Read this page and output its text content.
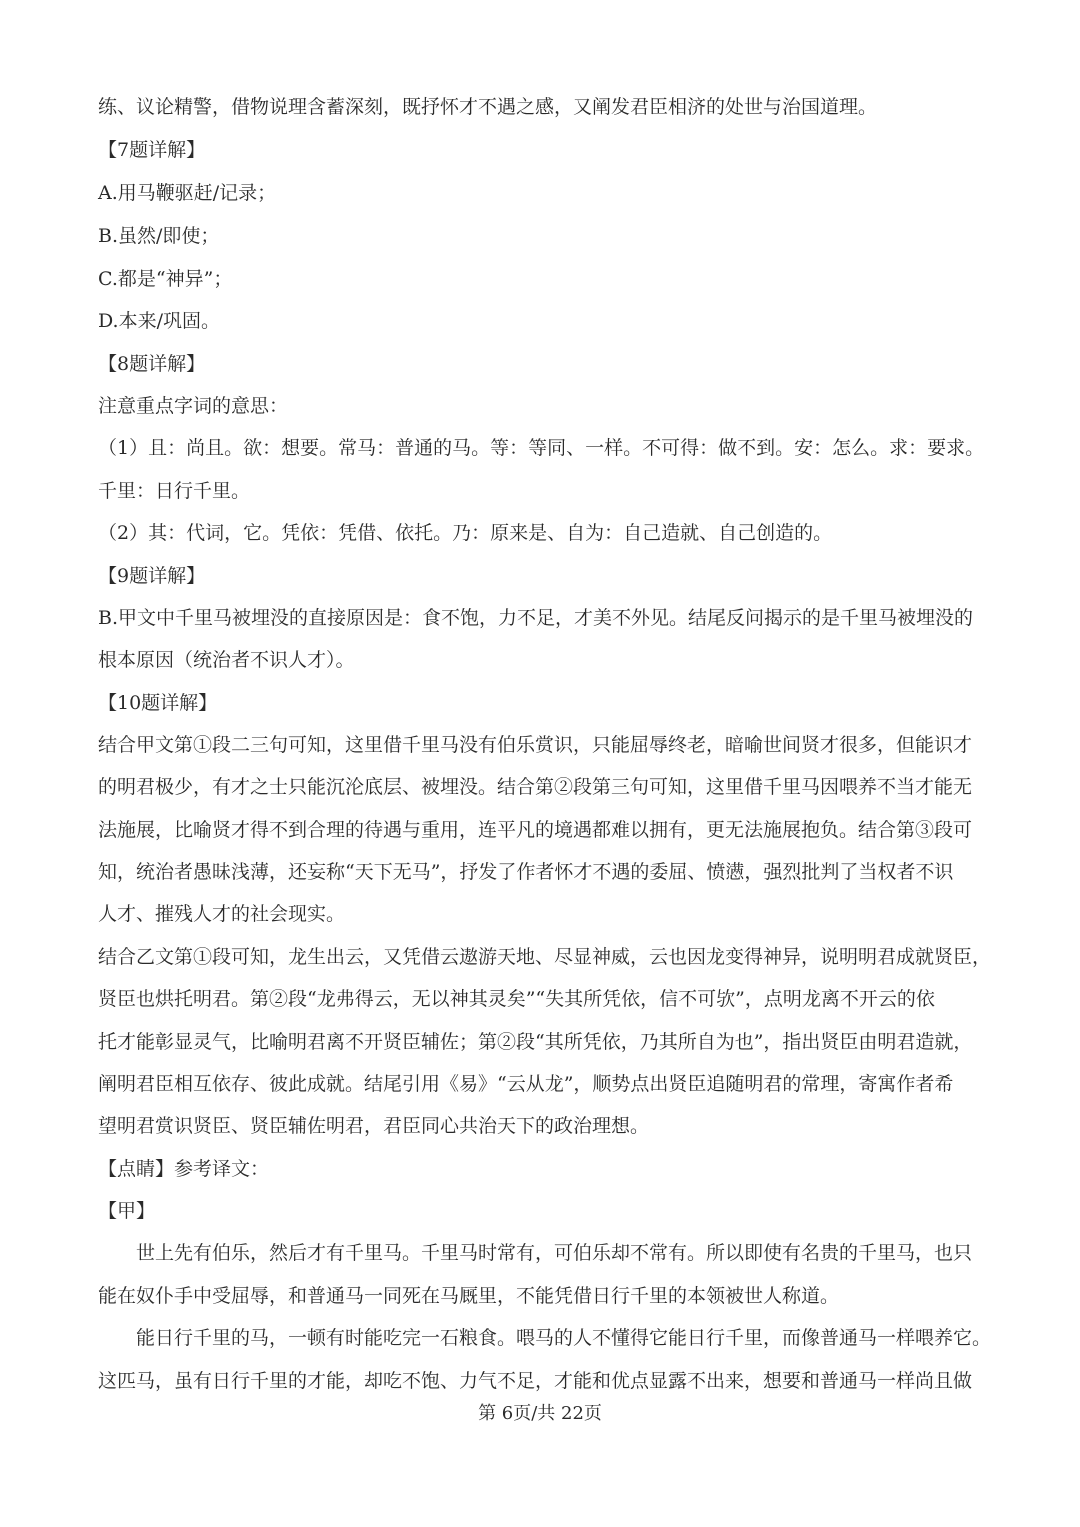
练、议论精警，借物说理含蓄深刻，既抒怀才不遇之感，又阐发君臣相济的处世与治国道理。
【7题详解】
A.用马鞭驱赶/记录；
B.虽然/即使；
C.都是“神异”；
D.本来/巩固。
【8题详解】
注意重点字词的意思：
（1）且：尚且。欲：想要。常马：普通的马。等：等同、一样。不可得：做不到。安：怎么。求：要求。
千里：日行千里。
（2）其：代词，它。凭依：凭借、依托。乃：原来是、自为：自己造就、自己创造的。
【9题详解】
B.甲文中千里马被埋没的直接原因是：食不饱，力不足，才美不外见。结尾反问揭示的是千里马被埋没的
根本原因（统治者不识人才）。
【10题详解】
结合甲文第①段二三句可知，这里借千里马没有伯乐赏识，只能屈辱终老，暗喻世间贤才很多，但能识才
的明君极少，有才之士只能沉沦底层、被埋没。结合第②段第三句可知，这里借千里马因喂养不当才能无
法施展，比喻贤才得不到合理的待遇与重用，连平凡的境遇都难以拥有，更无法施展抱负。结合第③段可
知，统治者愚昧浅薄，还妄称“天下无马”，抒发了作者怀才不遇的委屈、愤懑，强烈批判了当权者不识
人才、摧残人才的社会现实。
结合乙文第①段可知，龙生出云，又凭借云遨游天地、尽显神威，云也因龙变得神异，说明明君成就贤臣，
贤臣也烘托明君。第②段“龙弗得云，无以神其灵矣”“失其所凭依，信不可欤”，点明龙离不开云的依
托才能彰显灵气，比喻明君离不开贤臣辅佐；第②段“其所凭依，乃其所自为也”，指出贤臣由明君造就，
阐明君臣相互依存、彼此成就。结尾引用《易》“云从龙”，顺势点出贤臣追随明君的常理，寄寓作者希
望明君赏识贤臣、贤臣辅佐明君，君臣同心共治天下的政治理想。
【点睛】参考译文：
【甲】
世上先有伯乐，然后才有千里马。千里马时常有，可伯乐却不常有。所以即使有名贵的千里马，也只
能在奴仆手中受屈辱，和普通马一同死在马厩里，不能凭借日行千里的本领被世人称道。
能日行千里的马，一顿有时能吃完一石粮食。喂马的人不懂得它能日行千里，而像普通马一样喂养它。
这匹马，虽有日行千里的才能，却吃不饱、力气不足，才能和优点显露不出来，想要和普通马一样尚且做
第 6页/共 22页
